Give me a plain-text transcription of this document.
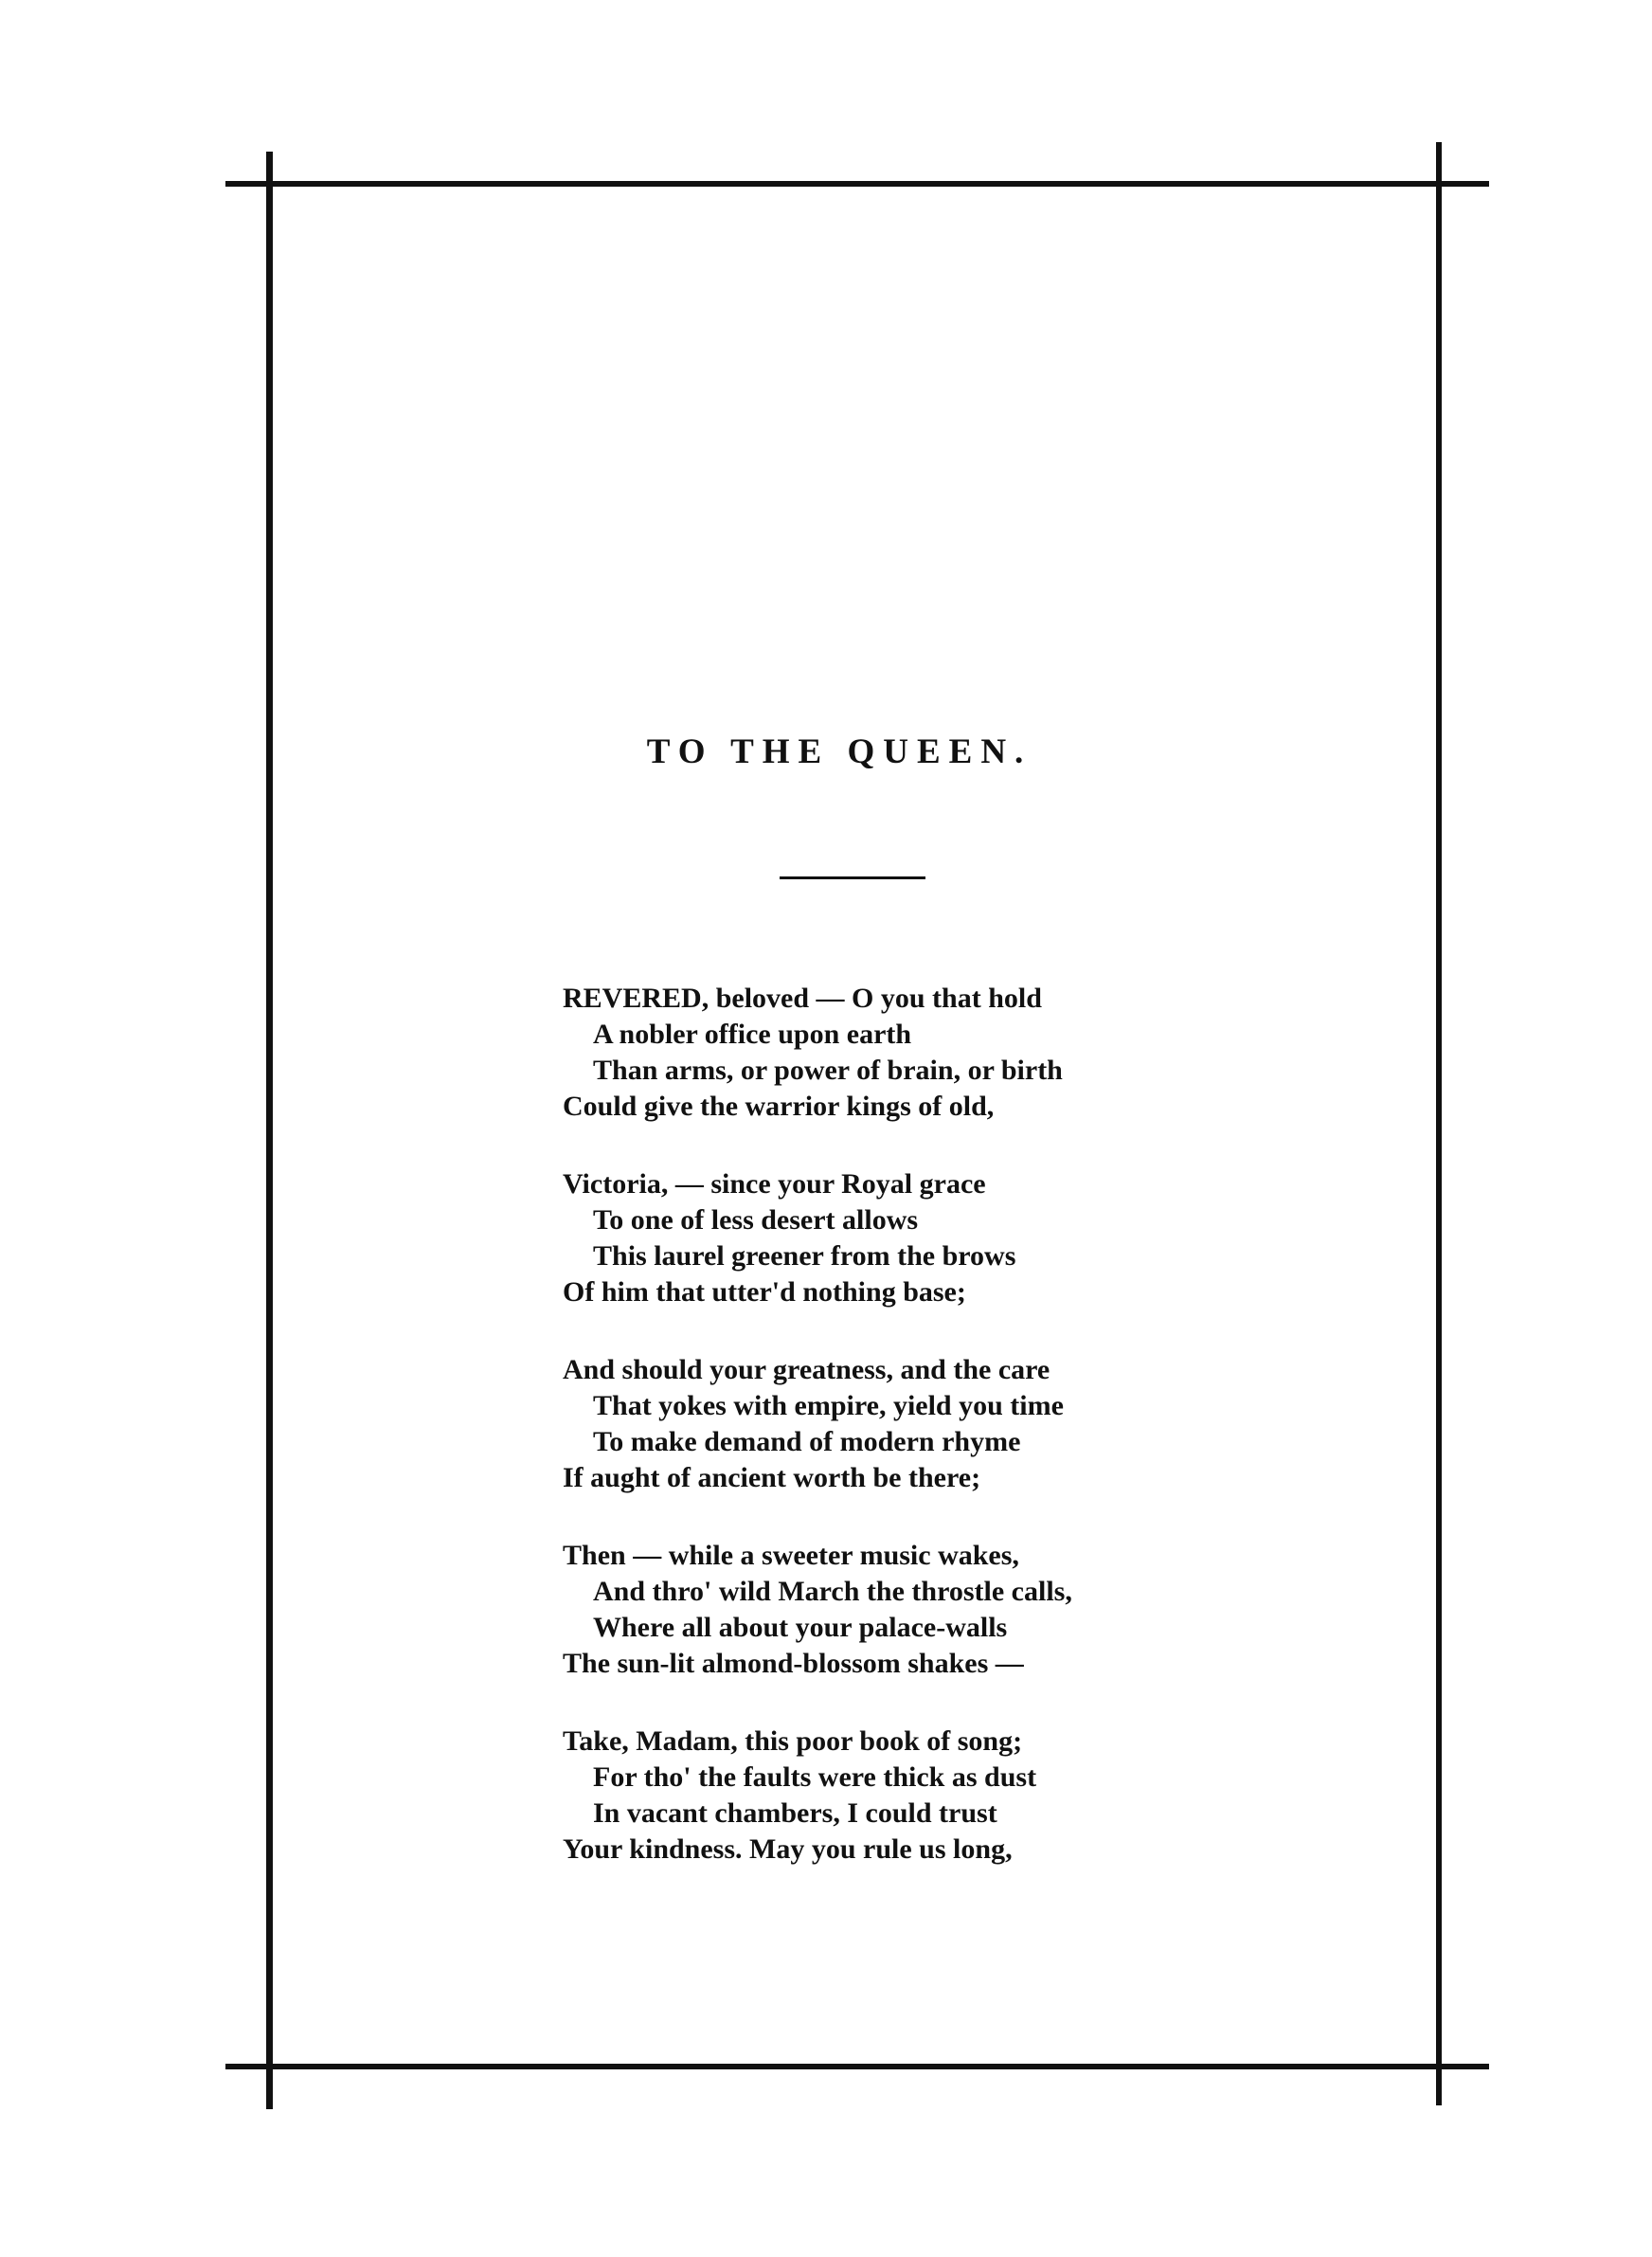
TO THE QUEEN.
REVERED, beloved — O you that hold
A nobler office upon earth
Than arms, or power of brain, or birth
Could give the warrior kings of old,
Victoria, — since your Royal grace
To one of less desert allows
This laurel greener from the brows
Of him that utter'd nothing base;
And should your greatness, and the care
That yokes with empire, yield you time
To make demand of modern rhyme
If aught of ancient worth be there;
Then — while a sweeter music wakes,
And thro' wild March the throstle calls,
Where all about your palace-walls
The sun-lit almond-blossom shakes —
Take, Madam, this poor book of song;
For tho' the faults were thick as dust
In vacant chambers, I could trust
Your kindness. May you rule us long,
